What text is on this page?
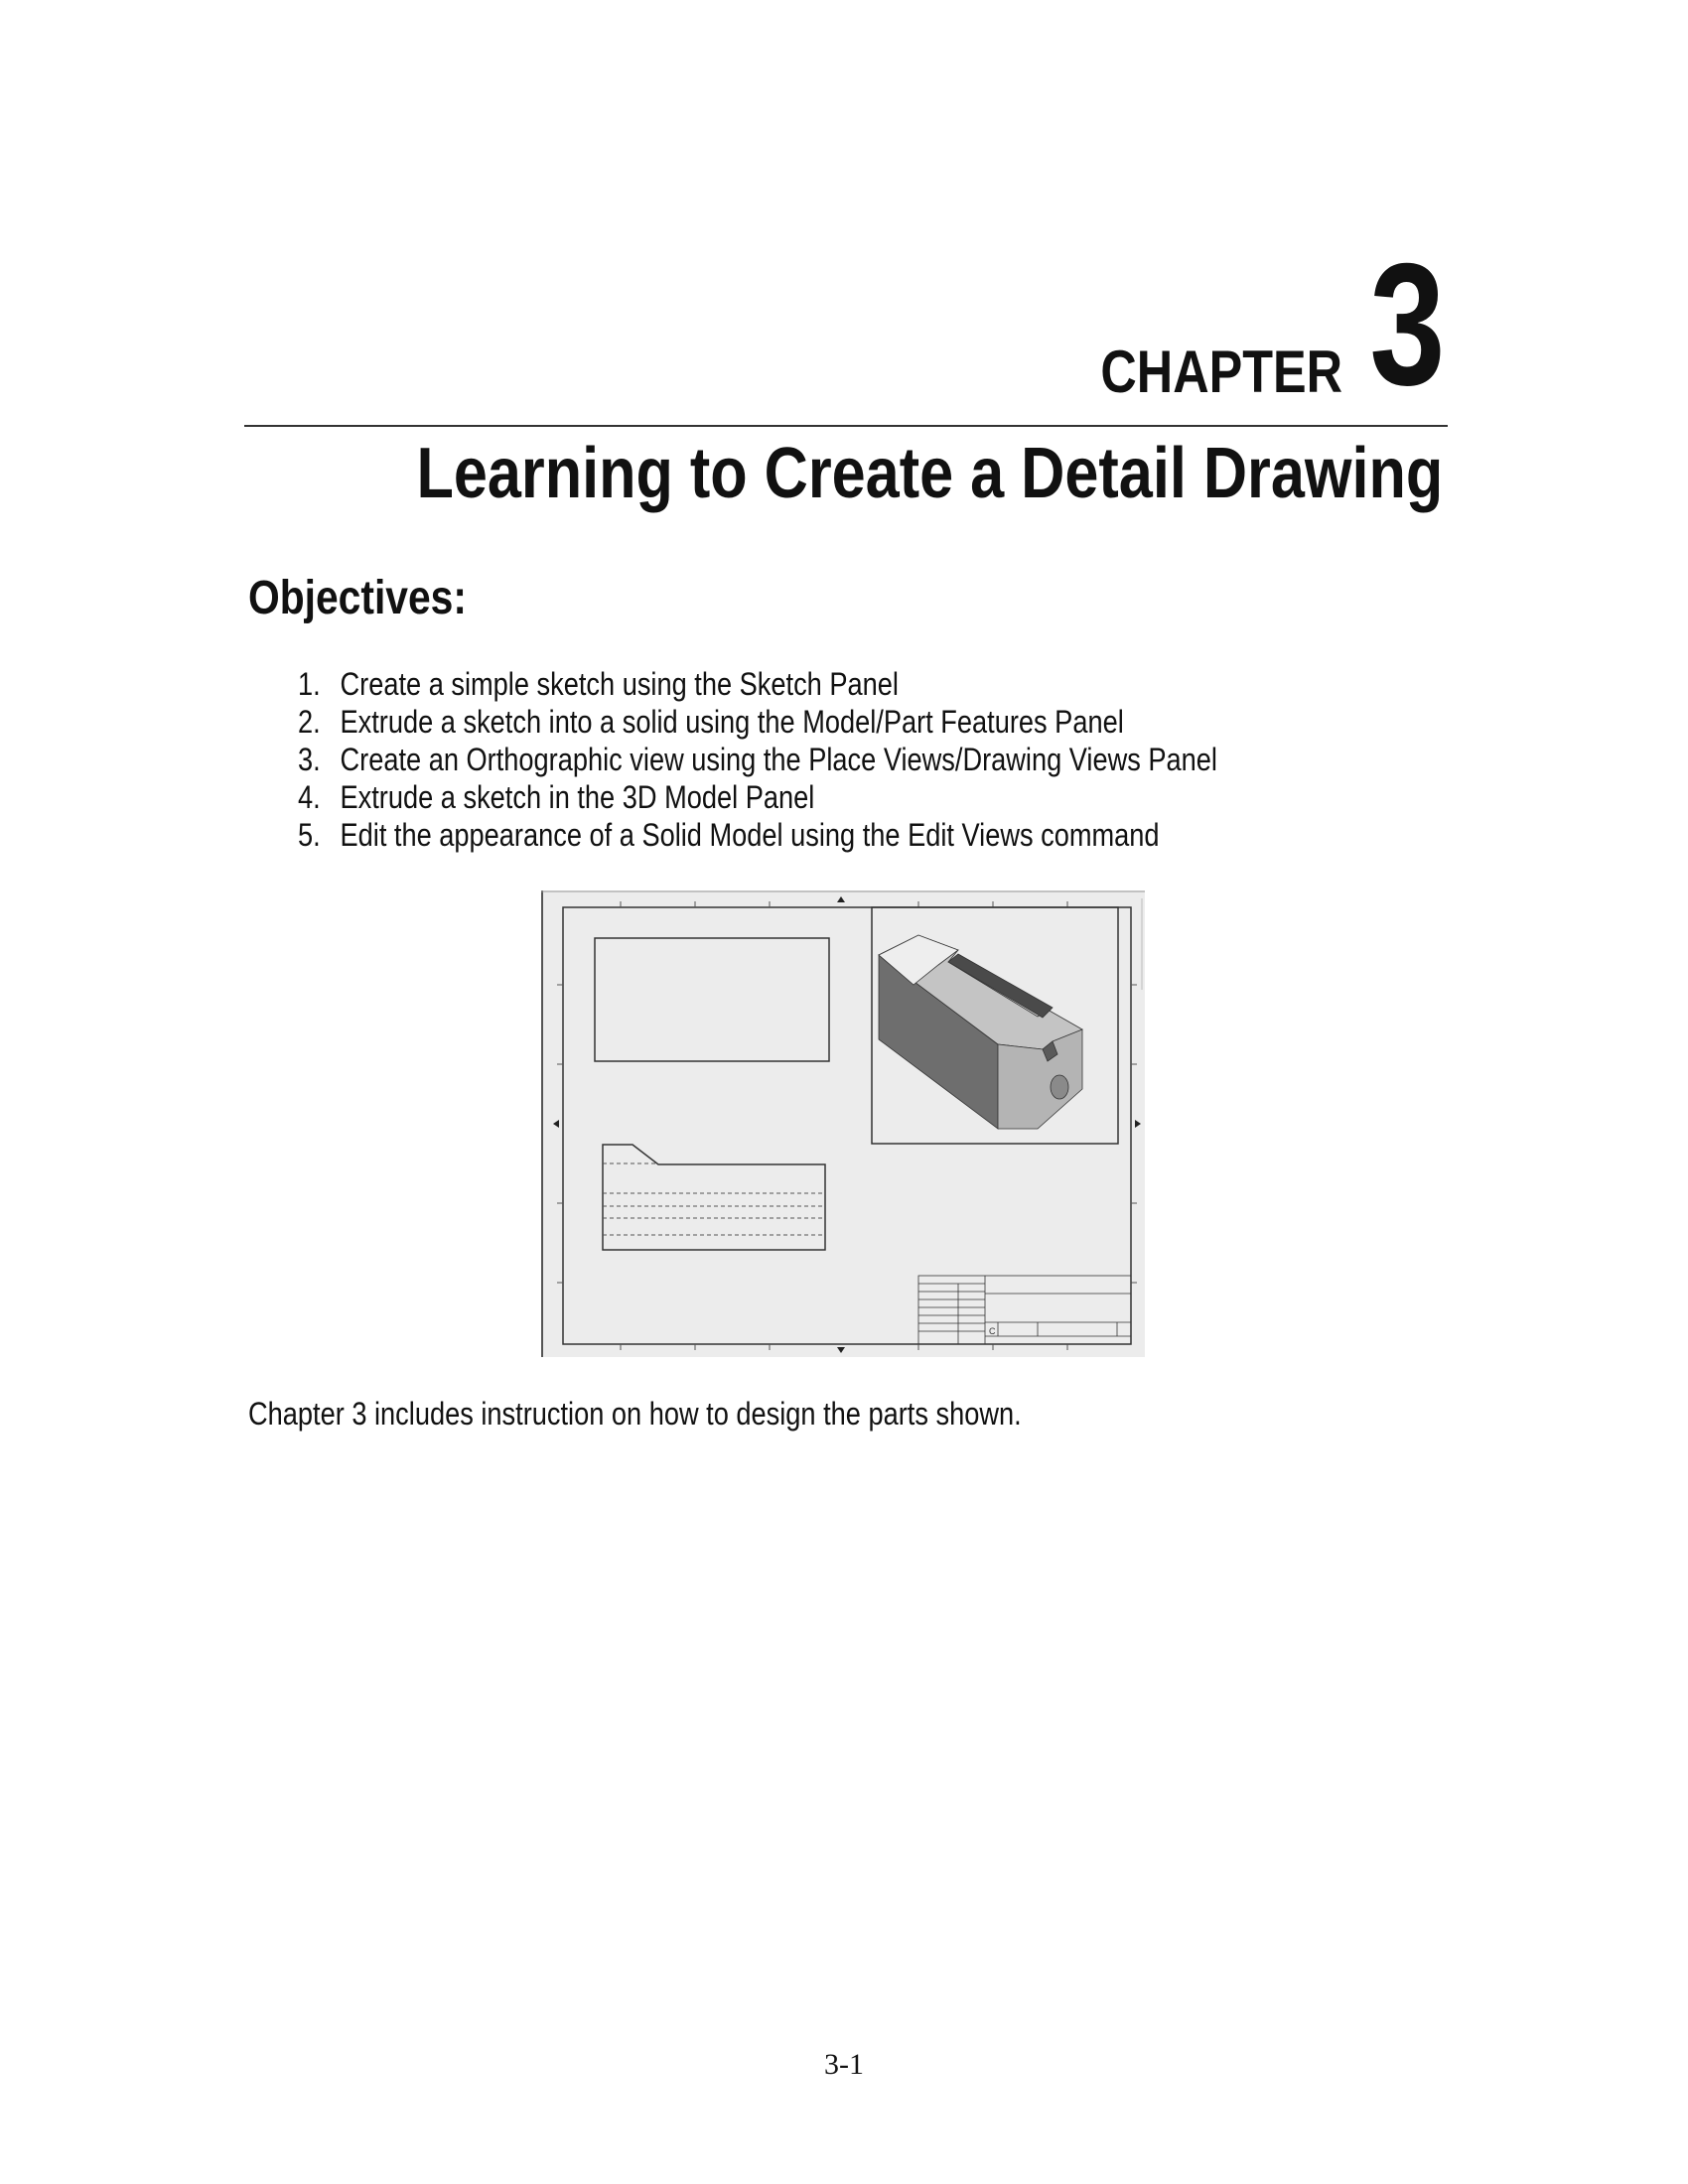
CHAPTER 3
Learning to Create a Detail Drawing
Objectives:
1. Create a simple sketch using the Sketch Panel
2. Extrude a sketch into a solid using the Model/Part Features Panel
3. Create an Orthographic view using the Place Views/Drawing Views Panel
4. Extrude a sketch in the 3D Model Panel
5. Edit the appearance of a Solid Model using the Edit Views command
C
Chapter 3 includes instruction on how to design the parts shown.
3-1
